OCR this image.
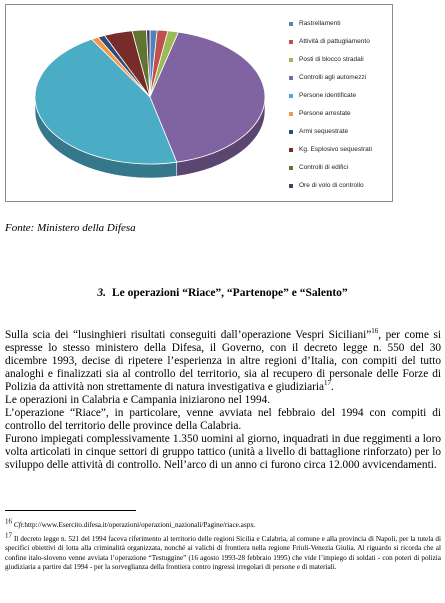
Rastrellamenti
Attività di pattugliamento
Posti di blocco stradali
Controlli agli automezzi
Persone identificate
Persone arrestate
Armi sequestrate
Kg. Esplosivo sequestrati
Controlli di edifici
Ore di volo di controllo
Fonte: Ministero della Difesa
3. Le operazioni “Riace”, “Partenope” e “Salento”

Sulla scia dei “lusinghieri risultati conseguiti dall’operazione Vespri Siciliani”$^{16}$, per come si espresse lo stesso ministero della Difesa, il Governo, con il decreto legge n. 550 del 30 dicembre 1993, decise di ripetere l’esperienza in altre regioni d’Italia, con compiti del tutto analoghi e finalizzati sia al controllo del territorio, sia al recupero di personale delle Forze di Polizia da attività non strettamente di natura investigativa e giudiziaria$^{17}$.

Le operazioni in Calabria e Campania iniziarono nel 1994.

L’operazione “Riace”, in particolare, venne avviata nel febbraio del 1994 con compiti di controllo del territorio delle province della Calabria.

Furono impiegati complessivamente 1.350 uomini al giorno, inquadrati in due reggimenti a loro volta articolati in cinque settori di gruppo tattico (unità a livello di battaglione rinforzato) per lo sviluppo delle attività di controllo. Nell’arco di un anno ci furono circa 12.000 avvicendamenti.

$^{16}$ Cfr.http://www.Esercito.difesa.it/operazioni/operazioni_nazionali/Pagine/riace.aspx.

$^{17}$ Il decreto legge n. 521 del 1994 faceva riferimento al territorio delle regioni Sicilia e Calabria, al comune e alla provincia di Napoli, per la tutela di specifici obiettivi di lotta alla criminalità organizzata, nonché ai valichi di frontiera nella regione Friuli-Venezia Giulia. Al riguardo si ricorda che al confine italo-sloveno venne avviata l’operazione “Testuggine” (16 agosto 1993-28 febbraio 1995) che vide l’impiego di soldati - con poteri di polizia giudiziaria a partire dal 1994 - per la sorveglianza della frontiera contro ingressi irregolari di persone e di materiali.
